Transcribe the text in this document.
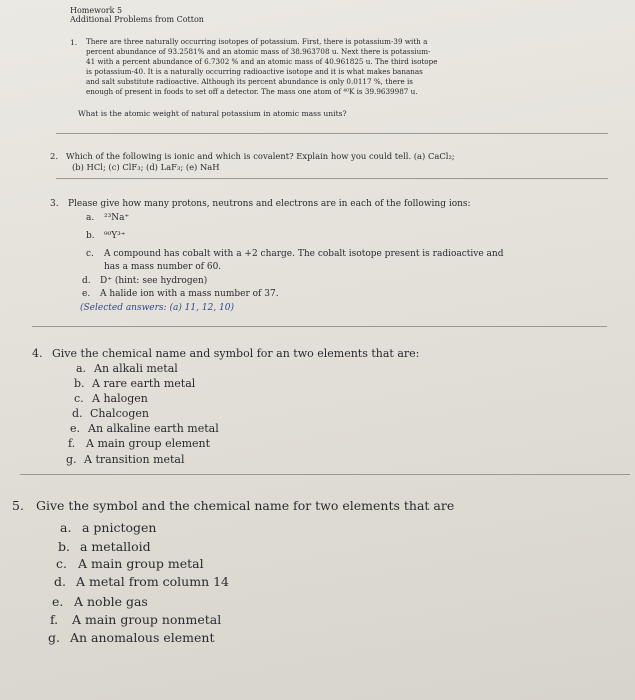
Homework 5
Additional Problems from Cotton
1. There are three naturally occurring isotopes of potassium. First, there is potassium-39 with a
percent abundance of 93.2581% and an atomic mass of 38.963708 u. Next there is potassium-
41 with a percent abundance of 6.7302 % and an atomic mass of 40.961825 u. The third isotope
is potassium-40. It is a naturally occurring radioactive isotope and it is what makes bananas
and salt substitute radioactive. Although its percent abundance is only 0.0117 %, there is
enough of present in foods to set off a detector. The mass one atom of ⁴⁰K is 39.9639987 u.
What is the atomic weight of natural potassium in atomic mass units?
2. Which of the following is ionic and which is covalent? Explain how you could tell. (a) CaCl₂;
(b) HCl; (c) ClF₃; (d) LaF₃; (e) NaH
3. Please give how many protons, neutrons and electrons are in each of the following ions:
a. ²³Na⁺
b. ⁹⁰Y³⁺
c. A compound has cobalt with a +2 charge. The cobalt isotope present is radioactive and
has a mass number of 60.
d. D⁺ (hint: see hydrogen)
e. A halide ion with a mass number of 37.
(Selected answers: (a) 11, 12, 10)
4. Give the chemical name and symbol for an two elements that are:
a. An alkali metal
b. A rare earth metal
c. A halogen
d. Chalcogen
e. An alkaline earth metal
f. A main group element
g. A transition metal
5. Give the symbol and the chemical name for two elements that are
a. a pnictogen
b. a metalloid
c. A main group metal
d. A metal from column 14
e. A noble gas
f. A main group nonmetal
g. An anomalous element
